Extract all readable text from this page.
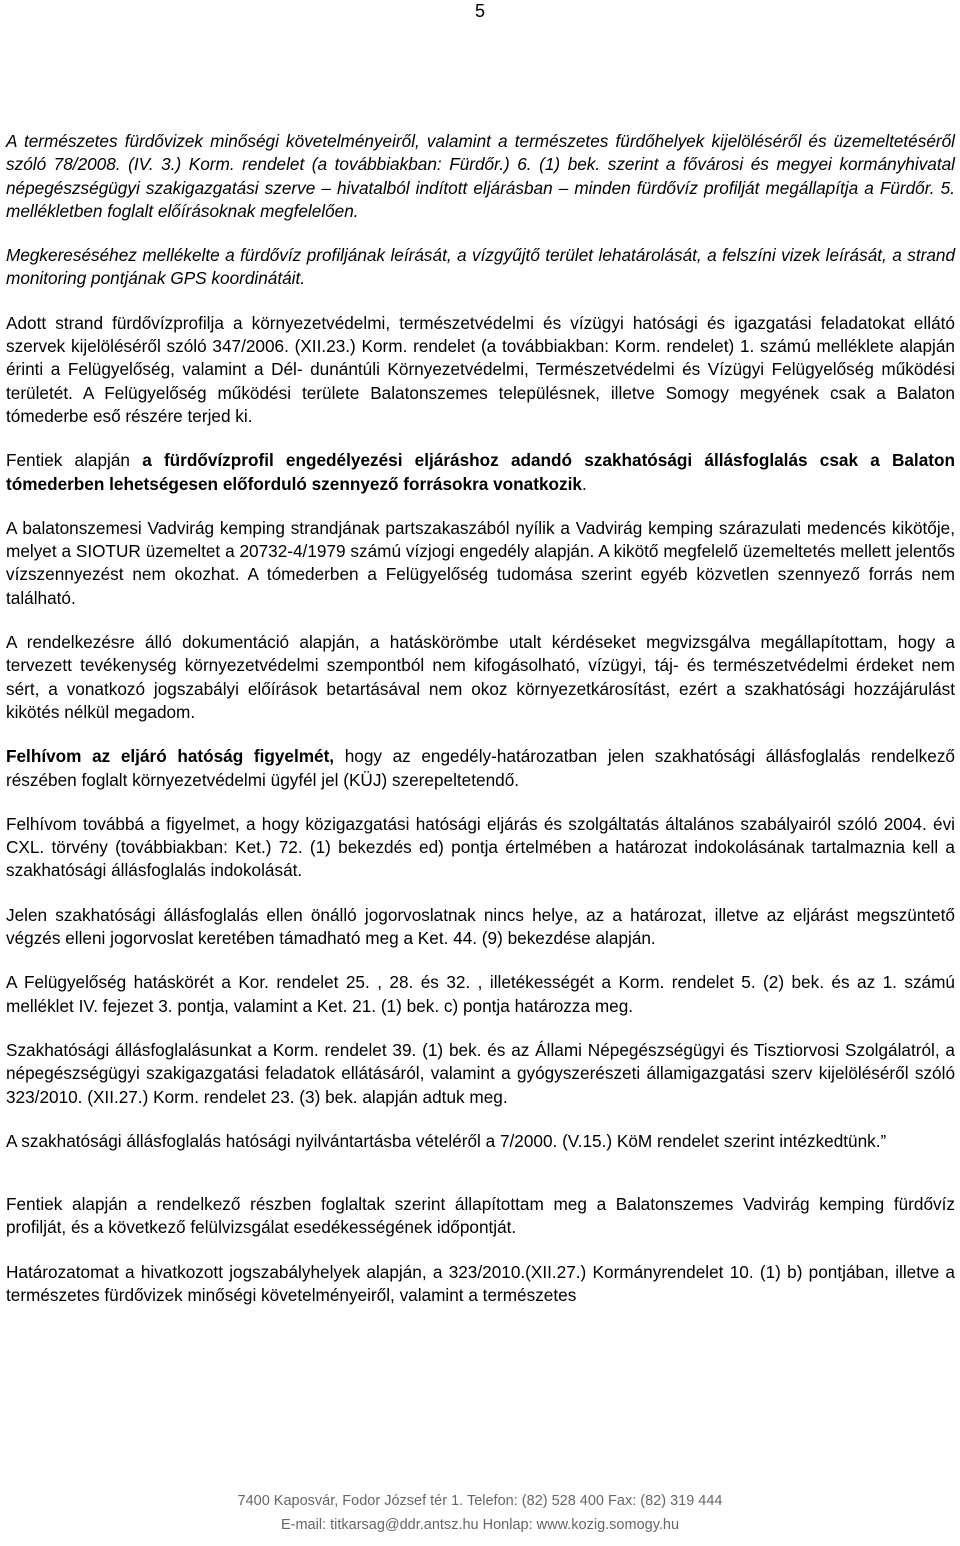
5

A természetes fürdővizek minőségi követelményeiről, valamint a természetes fürdőhelyek kijelöléséről és üzemeltetéséről szóló 78/2008. (IV. 3.) Korm. rendelet (a továbbiakban: Fürdőr.) 6. (1) bek. szerint a fővárosi és megyei kormányhivatal népegészségügyi szakigazgatási szerve – hivatalból indított eljárásban – minden fürdővíz profilját megállapítja a Fürdőr. 5. mellékletben foglalt előírásoknak megfelelően.

Megkereséséhez mellékelte a fürdővíz profiljának leírását, a vízgyűjtő terület lehatárolását, a felszíni vizek leírását, a strand monitoring pontjának GPS koordinátáit.

Adott strand fürdővízprofilja a környezetvédelmi, természetvédelmi és vízügyi hatósági és igazgatási feladatokat ellátó szervek kijelöléséről szóló 347/2006. (XII.23.) Korm. rendelet (a továbbiakban: Korm. rendelet) 1. számú melléklete alapján érinti a Felügyelőség, valamint a Dél- dunántúli Környezetvédelmi, Természetvédelmi és Vízügyi Felügyelőség működési területét. A Felügyelőség működési területe Balatonszemes településnek, illetve Somogy megyének csak a Balaton tómederbe eső részére terjed ki.

Fentiek alapján a fürdővízprofil engedélyezési eljáráshoz adandó szakhatósági állásfoglalás csak a Balaton tómederben lehetségesen előforduló szennyező forrásokra vonatkozik.

A balatonszemesi Vadvirág kemping strandjának partszakaszából nyílik a Vadvirág kemping szárazulati medencés kikötője, melyet a SIOTUR üzemeltet a 20732-4/1979 számú vízjogi engedély alapján. A kikötő megfelelő üzemeltetés mellett jelentős vízszennyezést nem okozhat. A tómederben a Felügyelőség tudomása szerint egyéb közvetlen szennyező forrás nem található.

A rendelkezésre álló dokumentáció alapján, a hatáskörömbe utalt kérdéseket megvizsgálva megállapítottam, hogy a tervezett tevékenység környezetvédelmi szempontból nem kifogásolható, vízügyi, táj- és természetvédelmi érdeket nem sért, a vonatkozó jogszabályi előírások betartásával nem okoz környezetkárosítást, ezért a szakhatósági hozzájárulást kikötés nélkül megadom.

Felhívom az eljáró hatóság figyelmét, hogy az engedély-határozatban jelen szakhatósági állásfoglalás rendelkező részében foglalt környezetvédelmi ügyfél jel (KÜJ) szerepeltetendő.

Felhívom továbbá a figyelmet, a hogy közigazgatási hatósági eljárás és szolgáltatás általános szabályairól szóló 2004. évi CXL. törvény (továbbiakban: Ket.) 72. (1) bekezdés ed) pontja értelmében a határozat indokolásának tartalmaznia kell a szakhatósági állásfoglalás indokolását.

Jelen szakhatósági állásfoglalás ellen önálló jogorvoslatnak nincs helye, az a határozat, illetve az eljárást megszüntető végzés elleni jogorvoslat keretében támadható meg a Ket. 44. (9) bekezdése alapján.

A Felügyelőség hatáskörét a Kor. rendelet 25. , 28. és 32. , illetékességét a Korm. rendelet 5. (2) bek. és az 1. számú melléklet IV. fejezet 3. pontja, valamint a Ket. 21. (1) bek. c) pontja határozza meg.

Szakhatósági állásfoglalásunkat a Korm. rendelet 39. (1) bek. és az Állami Népegészségügyi és Tisztiorvosi Szolgálatról, a népegészségügyi szakigazgatási feladatok ellátásáról, valamint a gyógyszerészeti államigazgatási szerv kijelöléséről szóló 323/2010. (XII.27.) Korm. rendelet 23. (3) bek. alapján adtuk meg.

A szakhatósági állásfoglalás hatósági nyilvántartásba vételéről a 7/2000. (V.15.) KöM rendelet szerint intézkedtünk.”

Fentiek alapján a rendelkező részben foglaltak szerint állapítottam meg a Balatonszemes Vadvirág kemping fürdővíz profilját, és a következő felülvizsgálat esedékességének időpontját.

Határozatomat a hivatkozott jogszabályhelyek alapján, a 323/2010.(XII.27.) Kormányrendelet 10. (1) b) pontjában, illetve a természetes fürdővizek minőségi követelményeiről, valamint a természetes

7400 Kaposvár, Fodor József tér 1. Telefon: (82) 528 400 Fax: (82) 319 444
E-mail: titkarsag@ddr.antsz.hu Honlap: www.kozig.somogy.hu
